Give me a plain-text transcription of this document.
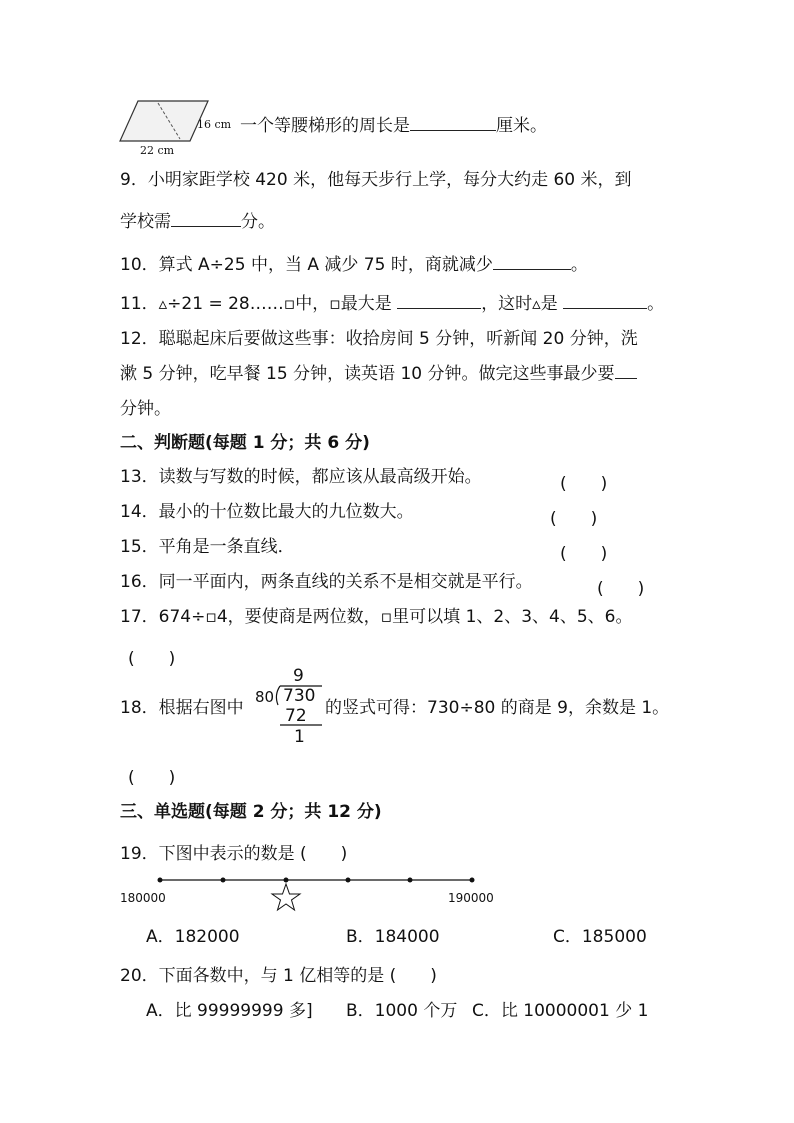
16 cm
22 cm
一个等腰梯形的周长是	厘米。
9．小明家距学校 420 米，他每天步行上学，每分大约走 60 米，到
学校需	分。
10．算式 A÷25 中，当 A 减少 75 时，商就减少	。
11．▵÷21 = 28……▫中，▫最大是	，这时▵是	。
12．聪聪起床后要做这些事：收拾房间 5 分钟，听新闻 20 分钟，洗
漱 5 分钟，吃早餐 15 分钟，读英语 10 分钟。做完这些事最少要
分钟。
二、判断题(每题 1 分；共 6 分)
13．读数与写数的时候，都应该从最高级开始。	(　　)
14．最小的十位数比最大的九位数大。	(　　)
15．平角是一条直线．	(　　)
16．同一平面内，两条直线的关系不是相交就是平行。	(　　)
17．674÷▫4，要使商是两位数，▫里可以填 1、2、3、4、5、6。
(　　)
18．根据右图中
80
9
730
72
1
的竖式可得：730÷80 的商是 9，余数是 1。
(　　)
三、单选题(每题 2 分；共 12 分)
19．下图中表示的数是 (　　)
180000	190000
A．182000	B．184000	C．185000
20．下面各数中，与 1 亿相等的是 (　　)
A．比 99999999 多] B．1000 个万 C．比 10000001 少 1
